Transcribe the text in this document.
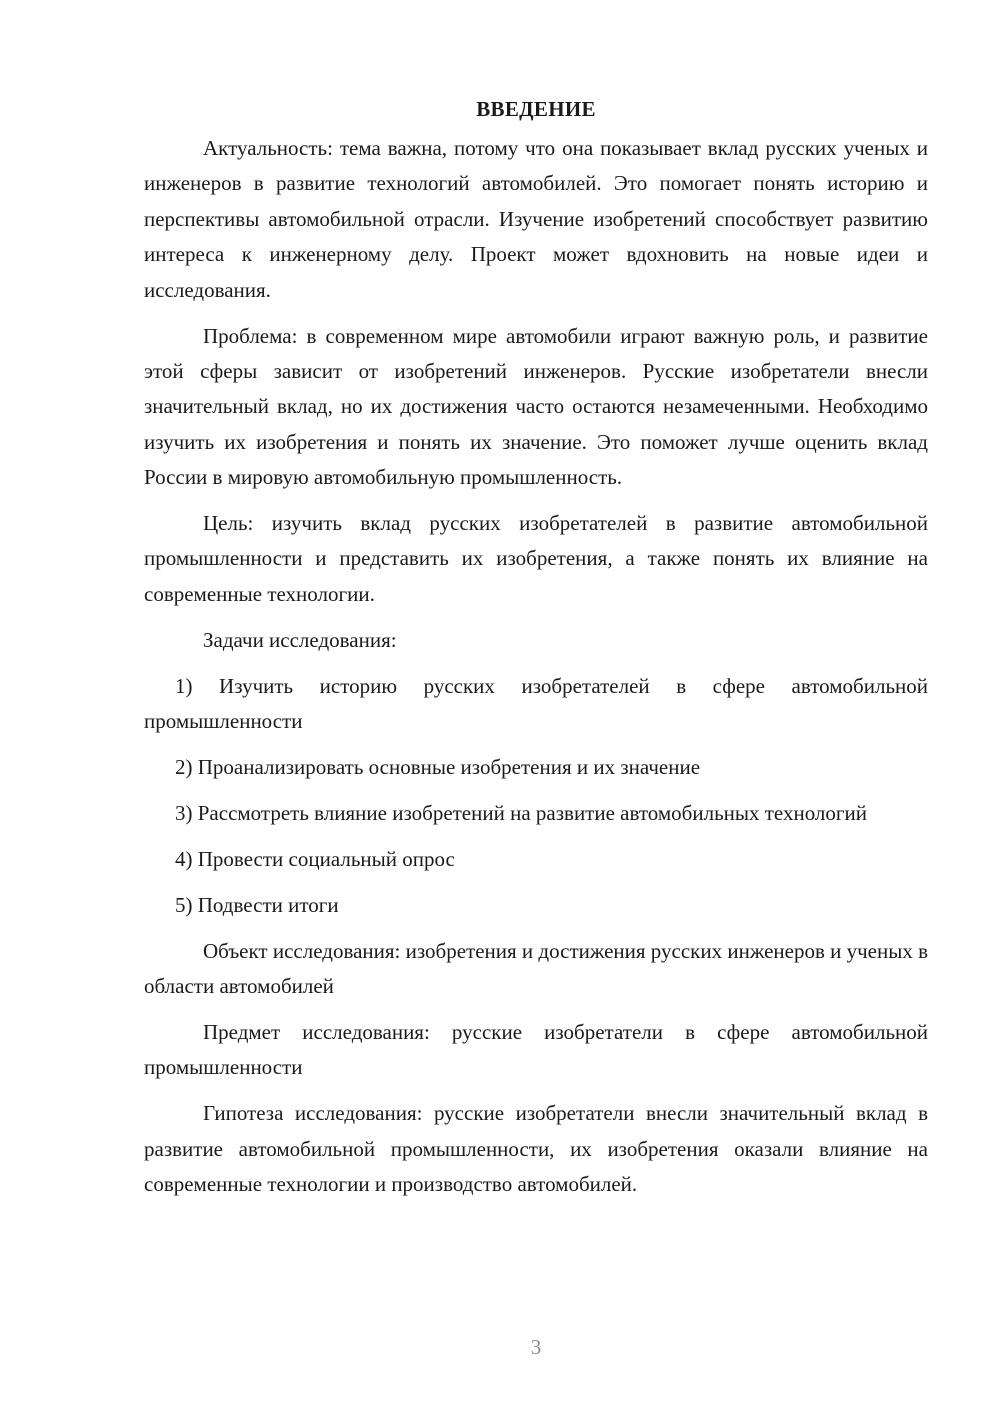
ВВЕДЕНИЕ

Актуальность: тема важна, потому что она показывает вклад русских ученых и инженеров в развитие технологий автомобилей. Это помогает понять историю и перспективы автомобильной отрасли. Изучение изобретений способствует развитию интереса к инженерному делу. Проект может вдохновить на новые идеи и исследования.

Проблема: в современном мире автомобили играют важную роль, и развитие этой сферы зависит от изобретений инженеров. Русские изобретатели внесли значительный вклад, но их достижения часто остаются незамеченными. Необходимо изучить их изобретения и понять их значение. Это поможет лучше оценить вклад России в мировую автомобильную промышленность.

Цель: изучить вклад русских изобретателей в развитие автомобильной промышленности и представить их изобретения, а также понять их влияние на современные технологии.

Задачи исследования:

1) Изучить историю русских изобретателей в сфере автомобильной промышленности

2) Проанализировать основные изобретения и их значение

3) Рассмотреть влияние изобретений на развитие автомобильных технологий

4) Провести социальный опрос

5) Подвести итоги

Объект исследования: изобретения и достижения русских инженеров и ученых в области автомобилей

Предмет исследования: русские изобретатели в сфере автомобильной промышленности

Гипотеза исследования: русские изобретатели внесли значительный вклад в развитие автомобильной промышленности, их изобретения оказали влияние на современные технологии и производство автомобилей.

3
